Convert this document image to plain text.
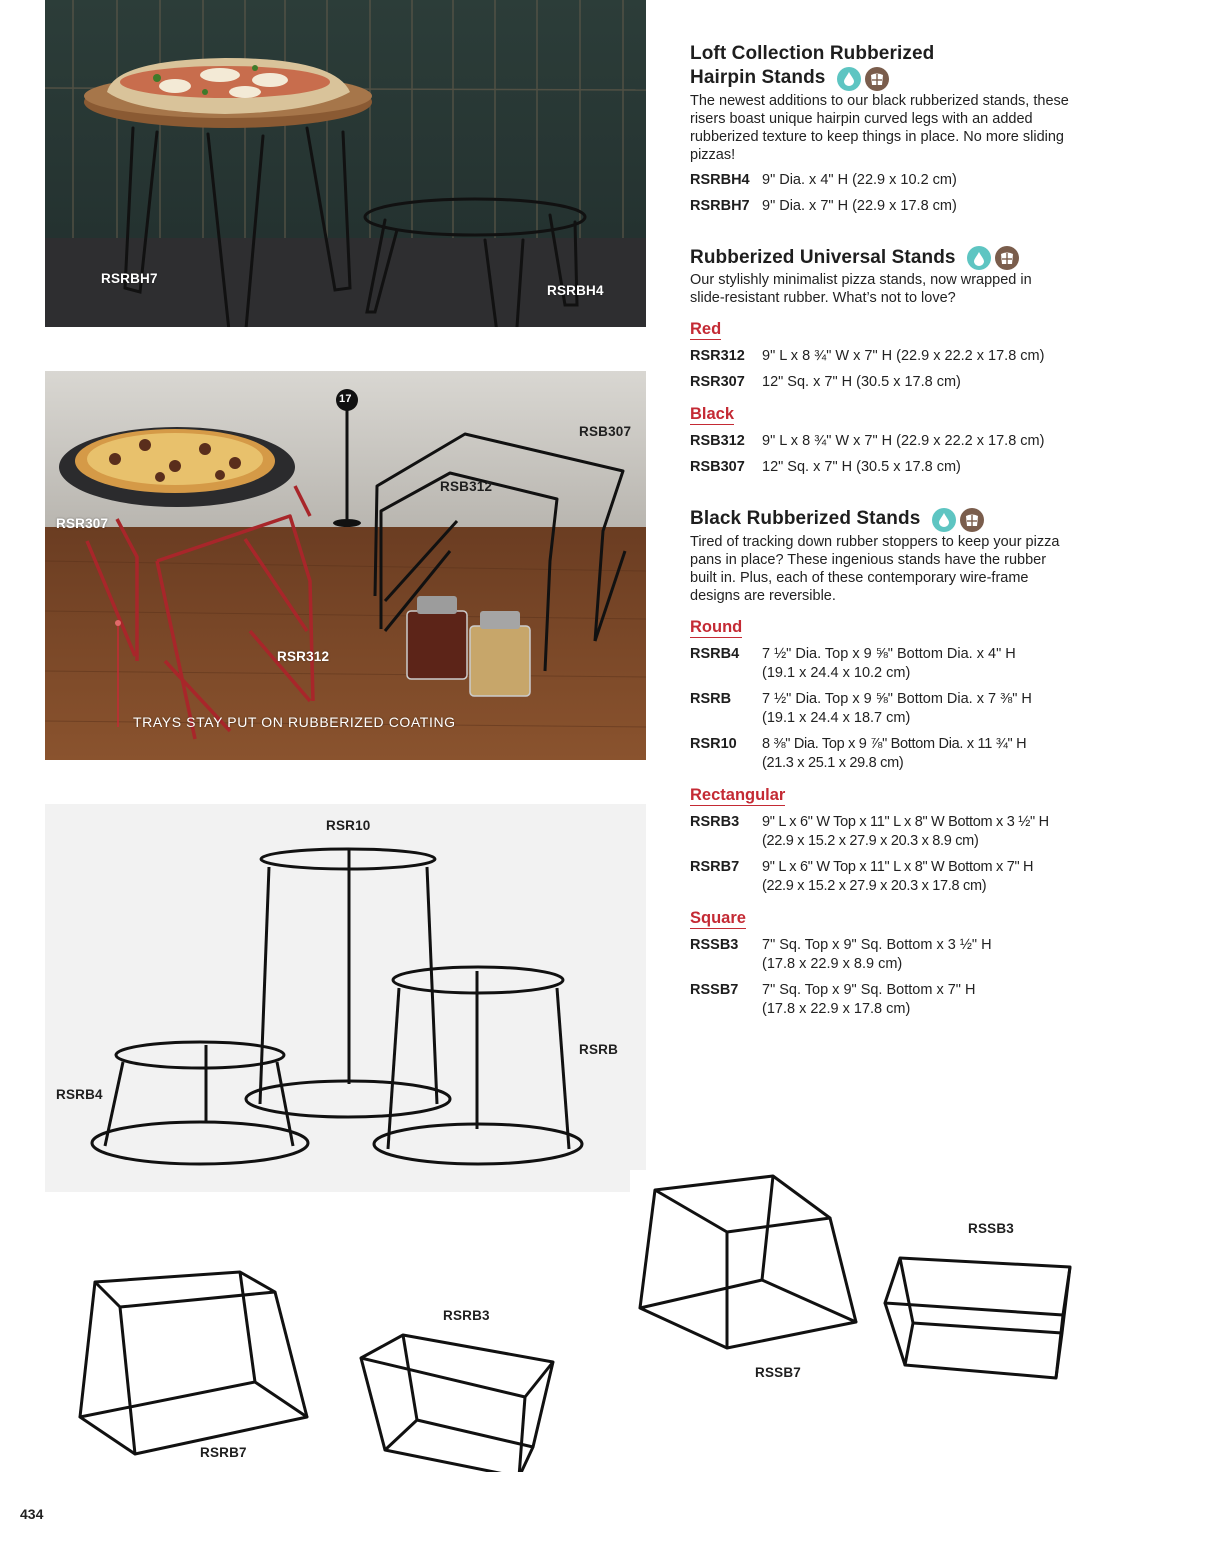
RSRBH7
RSRBH4
17
RSB307
RSB312
RSR307
RSR312
TRAYS STAY PUT ON RUBBERIZED COATING
RSR10
RSRB
RSRB4
RSRB3
RSRB7
RSSB3
RSSB7
Loft Collection Rubberized
Hairpin Stands
The newest additions to our black rubberized stands, these risers boast unique hairpin curved legs with an added rubberized texture to keep things in place. No more sliding pizzas!
RSRBH4 9" Dia. x 4" H (22.9 x 10.2 cm)
RSRBH7 9" Dia. x 7" H (22.9 x 17.8 cm)
Rubberized Universal Stands
Our stylishly minimalist pizza stands, now wrapped in slide-resistant rubber. What’s not to love?
Red
RSR312	9" L x 8 ¾" W x 7" H (22.9 x 22.2 x 17.8 cm)
RSR307	12" Sq. x 7" H (30.5 x 17.8 cm)
Black
RSB312	9" L x 8 ¾" W x 7" H (22.9 x 22.2 x 17.8 cm)
RSB307	12" Sq. x 7" H (30.5 x 17.8 cm)
Black Rubberized Stands
Tired of tracking down rubber stoppers to keep your pizza pans in place? These ingenious stands have the rubber built in. Plus, each of these contemporary wire-frame designs are reversible.
Round
RSRB4	7 ½" Dia. Top x 9 ⅝" Bottom Dia. x 4" H
(19.1 x 24.4 x 10.2 cm)
RSRB	7 ½" Dia. Top x 9 ⅝" Bottom Dia. x 7 ⅜" H
(19.1 x 24.4 x 18.7 cm)
RSR10	8 ⅜" Dia. Top x 9 ⅞" Bottom Dia. x 11 ¾" H
(21.3 x 25.1 x 29.8 cm)
Rectangular
RSRB3	9" L x 6" W Top x 11" L x 8" W Bottom x 3 ½" H
(22.9 x 15.2 x 27.9 x 20.3 x 8.9 cm)
RSRB7	9" L x 6" W Top x 11" L x 8" W Bottom x 7" H
(22.9 x 15.2 x 27.9 x 20.3 x 17.8 cm)
Square
RSSB3	7" Sq. Top x 9" Sq. Bottom x 3 ½" H
(17.8 x 22.9 x 8.9 cm)
RSSB7	7" Sq. Top x 9" Sq. Bottom x 7" H
(17.8 x 22.9 x 17.8 cm)
434
